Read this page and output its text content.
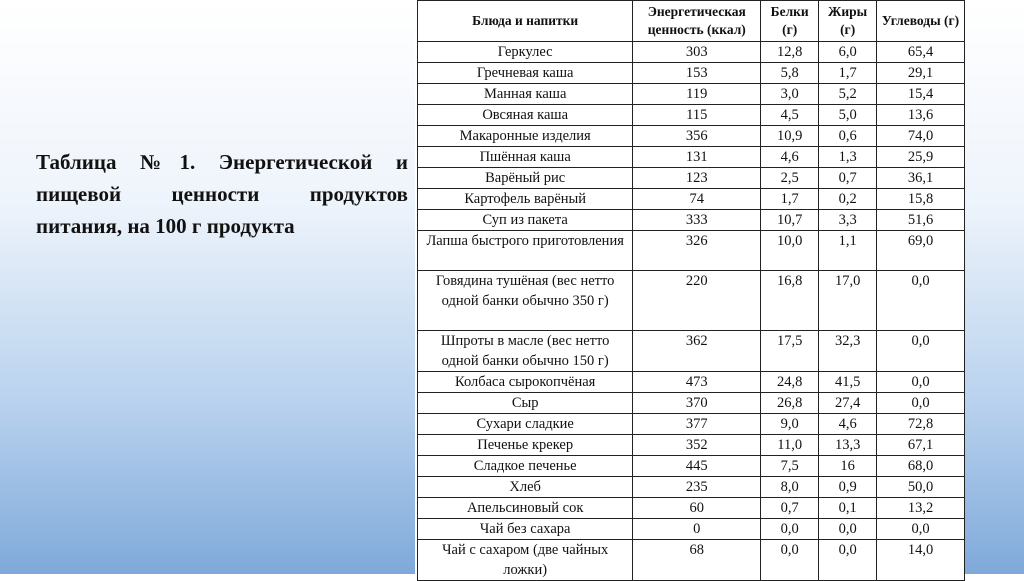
Таблица №1. Энергетической и пищевой ценности продуктов питания, на 100 г продукта
Блюда и напитки	Энергетическая ценность (ккал)	Белки (г)	Жиры (г)	Углеводы (г)
Геркулес	303	12,8	6,0	65,4
Гречневая каша	153	5,8	1,7	29,1
Манная каша	119	3,0	5,2	15,4
Овсяная каша	115	4,5	5,0	13,6
Макаронные изделия	356	10,9	0,6	74,0
Пшённая каша	131	4,6	1,3	25,9
Варёный рис	123	2,5	0,7	36,1
Картофель варёный	74	1,7	0,2	15,8
Суп из пакета	333	10,7	3,3	51,6
Лапша быстрого приготовления	326	10,0	1,1	69,0
Говядина тушёная (вес нетто одной банки обычно 350 г)	220	16,8	17,0	0,0
Шпроты в масле (вес нетто одной банки обычно 150 г)	362	17,5	32,3	0,0
Колбаса сырокопчёная	473	24,8	41,5	0,0
Сыр	370	26,8	27,4	0,0
Сухари сладкие	377	9,0	4,6	72,8
Печенье крекер	352	11,0	13,3	67,1
Сладкое печенье	445	7,5	16	68,0
Хлеб	235	8,0	0,9	50,0
Апельсиновый сок	60	0,7	0,1	13,2
Чай без сахара	0	0,0	0,0	0,0
Чай с сахаром (две чайных ложки)	68	0,0	0,0	14,0
